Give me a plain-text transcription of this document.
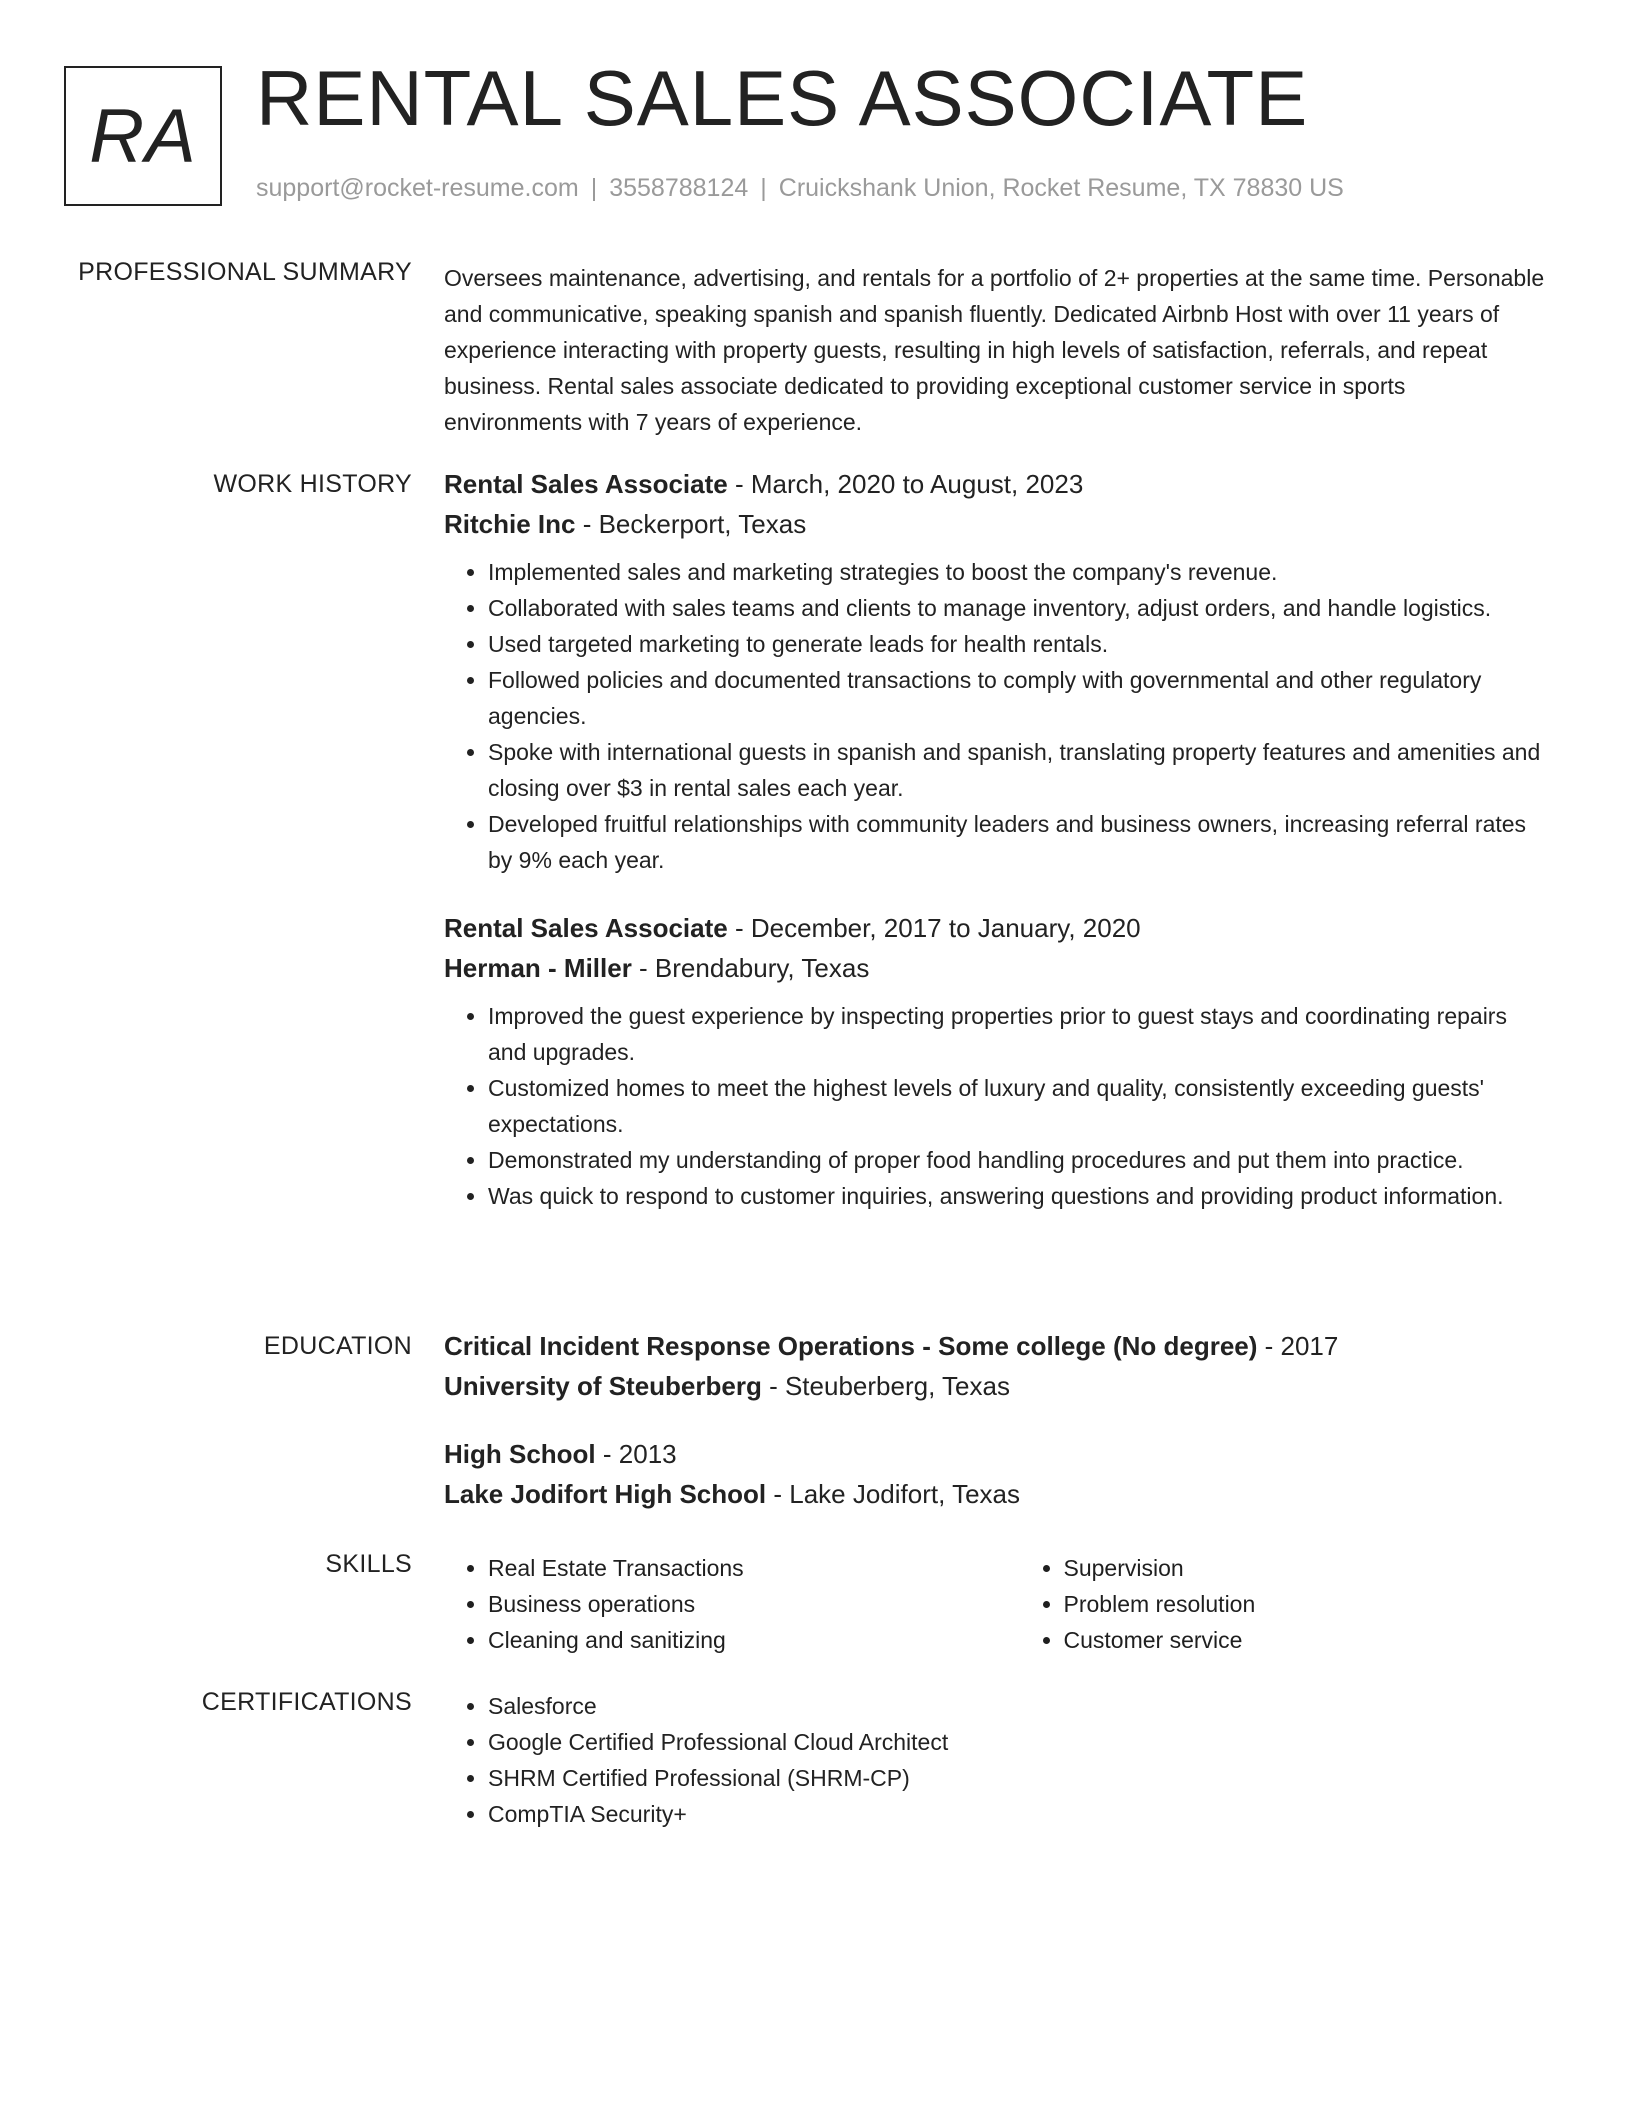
RA RENTAL SALES ASSOCIATE
support@rocket-resume.com | 3558788124 | Cruickshank Union, Rocket Resume, TX 78830 US
PROFESSIONAL SUMMARY Oversees maintenance, advertising, and rentals for a portfolio of 2+ properties at the same time. Personable and communicative, speaking spanish and spanish fluently. Dedicated Airbnb Host with over 11 years of experience interacting with property guests, resulting in high levels of satisfaction, referrals, and repeat business. Rental sales associate dedicated to providing exceptional customer service in sports environments with 7 years of experience.
WORK HISTORY Rental Sales Associate - March, 2020 to August, 2023
Ritchie Inc - Beckerport, Texas
• Implemented sales and marketing strategies to boost the company's revenue.
• Collaborated with sales teams and clients to manage inventory, adjust orders, and handle logistics.
• Used targeted marketing to generate leads for health rentals.
• Followed policies and documented transactions to comply with governmental and other regulatory agencies.
• Spoke with international guests in spanish and spanish, translating property features and amenities and closing over $3 in rental sales each year.
• Developed fruitful relationships with community leaders and business owners, increasing referral rates by 9% each year.
Rental Sales Associate - December, 2017 to January, 2020
Herman - Miller - Brendabury, Texas
• Improved the guest experience by inspecting properties prior to guest stays and coordinating repairs and upgrades.
• Customized homes to meet the highest levels of luxury and quality, consistently exceeding guests' expectations.
• Demonstrated my understanding of proper food handling procedures and put them into practice.
• Was quick to respond to customer inquiries, answering questions and providing product information.
EDUCATION Critical Incident Response Operations - Some college (No degree) - 2017
University of Steuberberg - Steuberberg, Texas
High School - 2013
Lake Jodifort High School - Lake Jodifort, Texas
SKILLS	• Real Estate Transactions
• Business operations
• Cleaning and sanitizing
• Supervision
• Problem resolution
• Customer service
CERTIFICATIONS	• Salesforce
• Google Certified Professional Cloud Architect
• SHRM Certified Professional (SHRM-CP)
• CompTIA Security+
